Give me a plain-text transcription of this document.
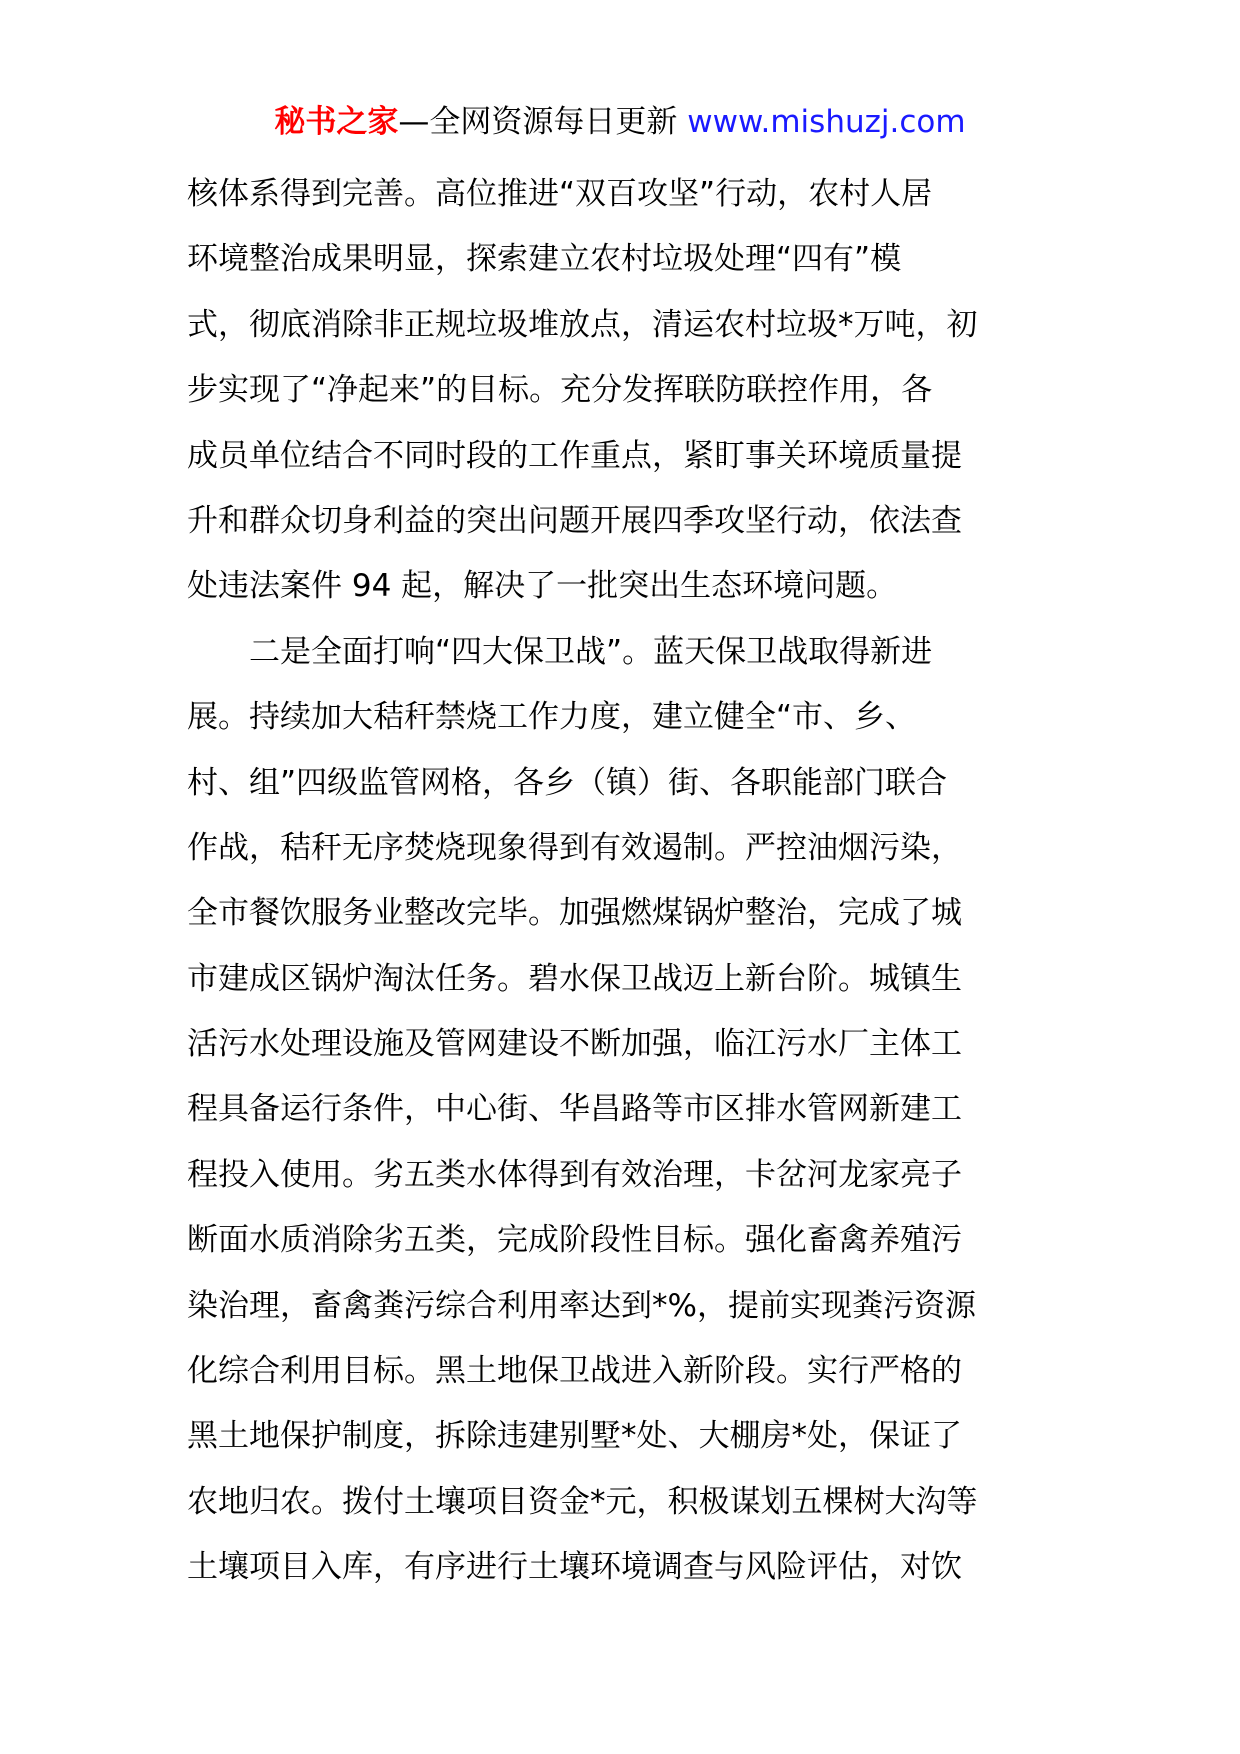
秘书之家—全网资源每日更新 www.mishuzj.com
核体系得到完善。高位推进“双百攻坚”行动，农村人居
环境整治成果明显，探索建立农村垃圾处理“四有”模
式，彻底消除非正规垃圾堆放点，清运农村垃圾*万吨，初
步实现了“净起来”的目标。充分发挥联防联控作用，各
成员单位结合不同时段的工作重点，紧盯事关环境质量提
升和群众切身利益的突出问题开展四季攻坚行动，依法查
处违法案件 94 起，解决了一批突出生态环境问题。
　　二是全面打响“四大保卫战”。蓝天保卫战取得新进
展。持续加大秸秆禁烧工作力度，建立健全“市、乡、
村、组”四级监管网格，各乡（镇）街、各职能部门联合
作战，秸秆无序焚烧现象得到有效遏制。严控油烟污染，
全市餐饮服务业整改完毕。加强燃煤锅炉整治，完成了城
市建成区锅炉淘汰任务。碧水保卫战迈上新台阶。城镇生
活污水处理设施及管网建设不断加强，临江污水厂主体工
程具备运行条件，中心街、华昌路等市区排水管网新建工
程投入使用。劣五类水体得到有效治理，卡岔河龙家亮子
断面水质消除劣五类，完成阶段性目标。强化畜禽养殖污
染治理，畜禽粪污综合利用率达到*%，提前实现粪污资源
化综合利用目标。黑土地保卫战进入新阶段。实行严格的
黑土地保护制度，拆除违建别墅*处、大棚房*处，保证了
农地归农。拨付土壤项目资金*元，积极谋划五棵树大沟等
土壤项目入库，有序进行土壤环境调查与风险评估，对饮
